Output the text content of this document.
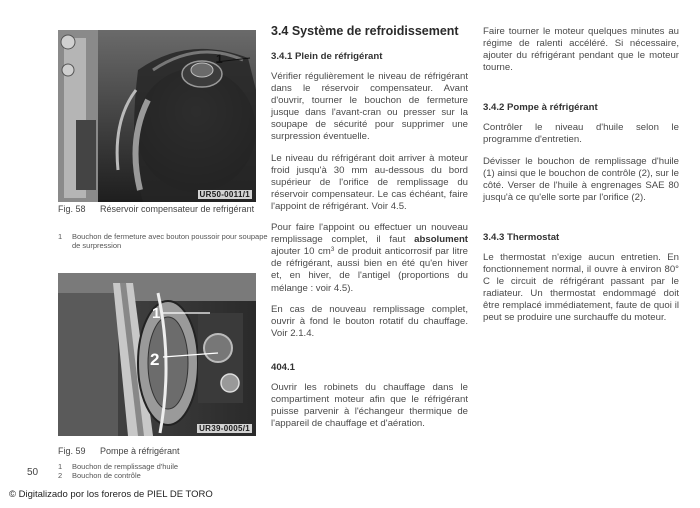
1
UR50-0011/1
Fig. 58	Réservoir compensateur de refrigérant
1	Bouchon de fermeture avec bouton poussoir pour soupape de surpression
1
2
UR39-0005/1
Fig. 59	Pompe à réfrigérant
1	Bouchon de remplissage d'huile
2	Bouchon de contrôle
50
© Digitalizado por los foreros de PIEL DE TORO
3.4 Système de refroidissement
3.4.1 Plein de réfrigérant

Vérifier régulièrement le niveau de réfrigérant dans le réservoir compensateur. Avant d'ouvrir, tourner le bouchon de fermeture jusque dans l'avant-cran ou presser sur la soupape de sécurité pour supprimer une surpression éventuelle.

Le niveau du réfrigérant doit arriver à moteur froid jusqu'à 30 mm au-dessous du bord supérieur de l'orifice de remplissage du réservoir compensateur. Le cas échéant, faire l'appoint de réfrigérant. Voir 4.5.

Pour faire l'appoint ou effectuer un nouveau remplissage complet, il faut absolument ajouter 10 $cm^3$ de produit anticorrosif par litre de réfrigérant, aussi bien en été qu'en hiver et, en hiver, de l'antigel (proportions du mélange : voir 4.5).

En cas de nouveau remplissage complet, ouvrir à fond le bouton rotatif du chauffage. Voir 2.1.4.

404.1

Ouvrir les robinets du chauffage dans le compartiment moteur afin que le réfrigérant puisse parvenir à l'échangeur thermique de l'appareil de chauffage et d'aération.

Faire tourner le moteur quelques minutes au régime de ralenti accéléré. Si nécessaire, ajouter du réfrigérant pendant que le moteur tourne.

3.4.2 Pompe à réfrigérant

Contrôler le niveau d'huile selon le programme d'entretien.

Dévisser le bouchon de remplissage d'huile (1) ainsi que le bouchon de contrôle (2), sur le côté. Verser de l'huile à engrenages SAE 80 jusqu'à ce qu'elle sorte par l'orifice (2).

3.4.3 Thermostat

Le thermostat n'exige aucun entretien. En fonctionnement normal, il ouvre à environ 80° C le circuit de réfrigérant passant par le radiateur. Un thermostat endommagé doit être remplacé immédiatement, faute de quoi il peut se produire une surchauffe du moteur.
